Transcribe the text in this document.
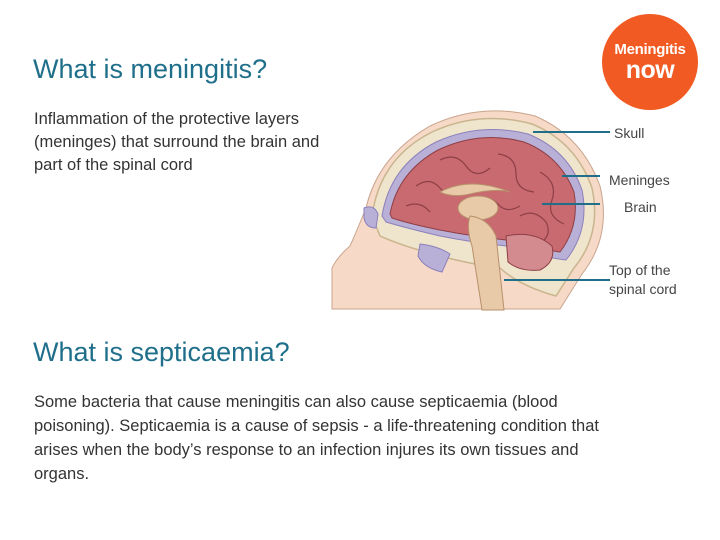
What is meningitis?
Inflammation of the protective layers (meninges) that surround the brain and part of the spinal cord
Meningitis
now
Skull
Meninges
Brain
Top of the
spinal cord
What is septicaemia?
Some bacteria that cause meningitis can also cause septicaemia (blood poisoning). Septicaemia is a cause of sepsis - a life-threatening condition that arises when the body’s response to an infection injures its own tissues and organs.
